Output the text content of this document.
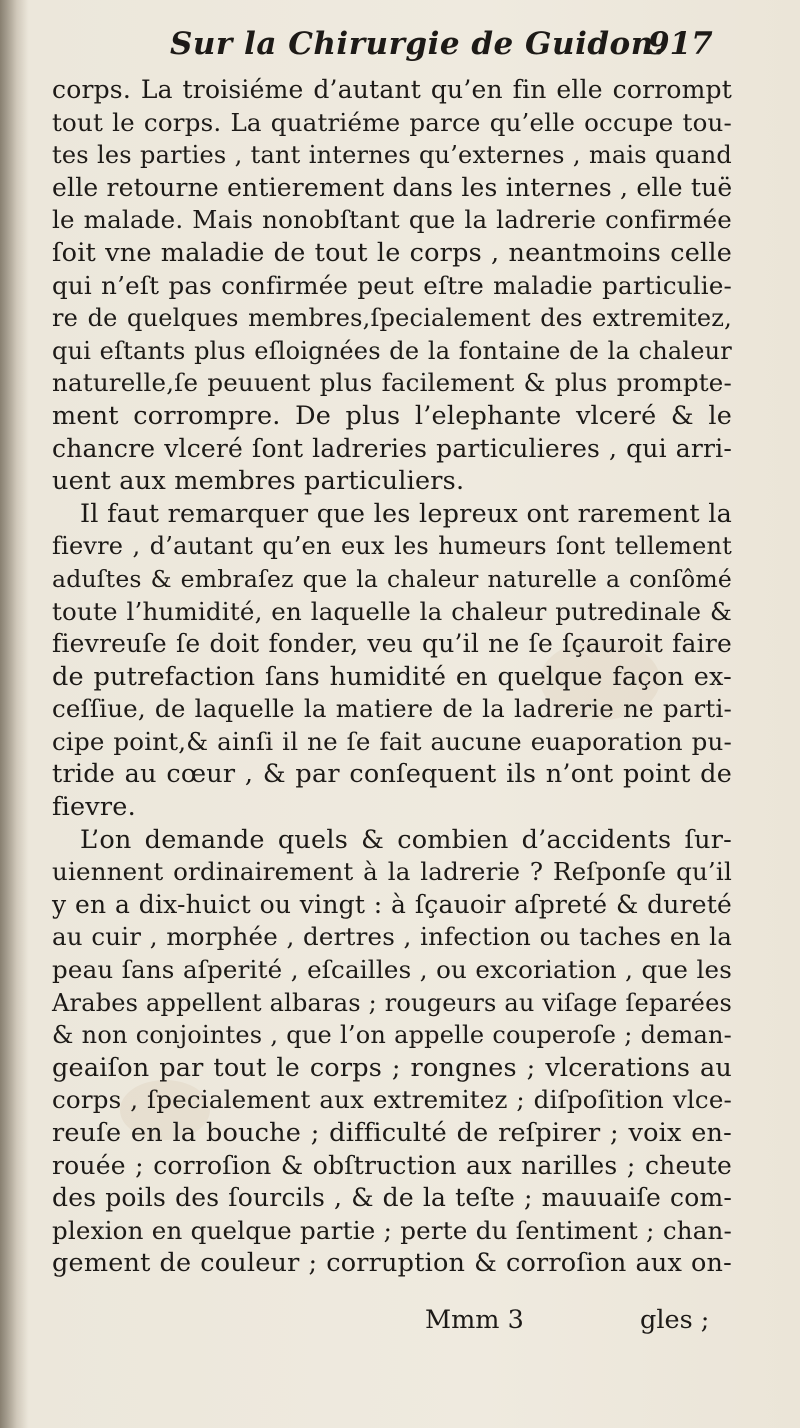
Sur la Chirurgie de Guidon.
917
corps. La troisiéme d’autant qu’en fin elle corrompt
tout le corps. La quatriéme parce qu’elle occupe tou-
tes les parties , tant internes qu’externes , mais quand
elle retourne entierement dans les internes , elle tuë
le malade. Mais nonobſtant que la ladrerie confirmée
ſoit vne maladie de tout le corps , neantmoins celle
qui n’eſt pas confirmée peut eſtre maladie particulie-
re de quelques membres,ſpecialement des extremitez,
qui eſtants plus eſloignées de la fontaine de la chaleur
naturelle,ſe peuuent plus facilement & plus prompte-
ment corrompre. De plus l’elephante vlceré & le
chancre vlceré ſont ladreries particulieres , qui arri-
uent aux membres particuliers.
Il faut remarquer que les lepreux ont rarement la
fievre , d’autant qu’en eux les humeurs ſont tellement
aduſtes & embraſez que la chaleur naturelle a conſômé
toute l’humidité, en laquelle la chaleur putredinale &
fievreuſe ſe doit fonder, veu qu’il ne ſe ſçauroit faire
de putrefaction ſans humidité en quelque façon ex-
ceſſiue, de laquelle la matiere de la ladrerie ne parti-
cipe point,& ainſi il ne ſe fait aucune euaporation pu-
tride au cœur , & par conſequent ils n’ont point de
fievre.
L’on demande quels & combien d’accidents ſur-
uiennent ordinairement à la ladrerie ? Reſponſe qu’il
y en a dix-huict ou vingt : à ſçauoir aſpreté & dureté
au cuir , morphée , dertres , infection ou taches en la
peau ſans aſperité , eſcailles , ou excoriation , que les
Arabes appellent albaras ; rougeurs au viſage ſeparées
& non conjointes , que l’on appelle couperoſe ; deman-
geaiſon par tout le corps ; rongnes ; vlcerations au
corps , ſpecialement aux extremitez ; diſpoſition vlce-
reuſe en la bouche ; difficulté de reſpirer ; voix en-
rouée ; corroſion & obſtruction aux narilles ; cheute
des poils des ſourcils , & de la teſte ; mauuaiſe com-
plexion en quelque partie ; perte du ſentiment ; chan-
gement de couleur ; corruption & corroſion aux on-
Mmm 3	gles ;
